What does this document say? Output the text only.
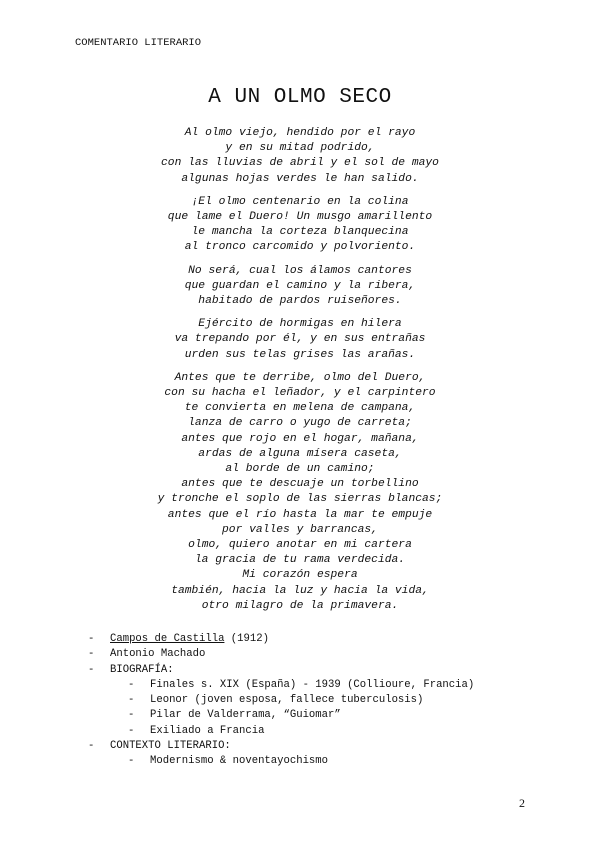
COMENTARIO LITERARIO
A UN OLMO SECO
Al olmo viejo, hendido por el rayo
y en su mitad podrido,
con las lluvias de abril y el sol de mayo
algunas hojas verdes le han salido.
¡El olmo centenario en la colina
que lame el Duero! Un musgo amarillento
le mancha la corteza blanquecina
al tronco carcomido y polvoriento.
No será, cual los álamos cantores
que guardan el camino y la ribera,
habitado de pardos ruiseñores.
Ejército de hormigas en hilera
va trepando por él, y en sus entrañas
urden sus telas grises las arañas.
Antes que te derribe, olmo del Duero,
con su hacha el leñador, y el carpintero
te convierta en melena de campana,
lanza de carro o yugo de carreta;
antes que rojo en el hogar, mañana,
ardas de alguna mísera caseta,
al borde de un camino;
antes que te descuaje un torbellino
y tronche el soplo de las sierras blancas;
antes que el río hasta la mar te empuje
por valles y barrancas,
olmo, quiero anotar en mi cartera
la gracia de tu rama verdecida.
Mi corazón espera
también, hacia la luz y hacia la vida,
otro milagro de la primavera.
-	Campos de Castilla (1912)
-	Antonio Machado
-	BIOGRAFÍA:
-	Finales s. XIX (España) - 1939 (Collioure, Francia)
-	Leonor (joven esposa, fallece tuberculosis)
-	Pilar de Valderrama, “Guiomar”
-	Exiliado a Francia
-	CONTEXTO LITERARIO:
-	Modernismo & noventayochismo
2
